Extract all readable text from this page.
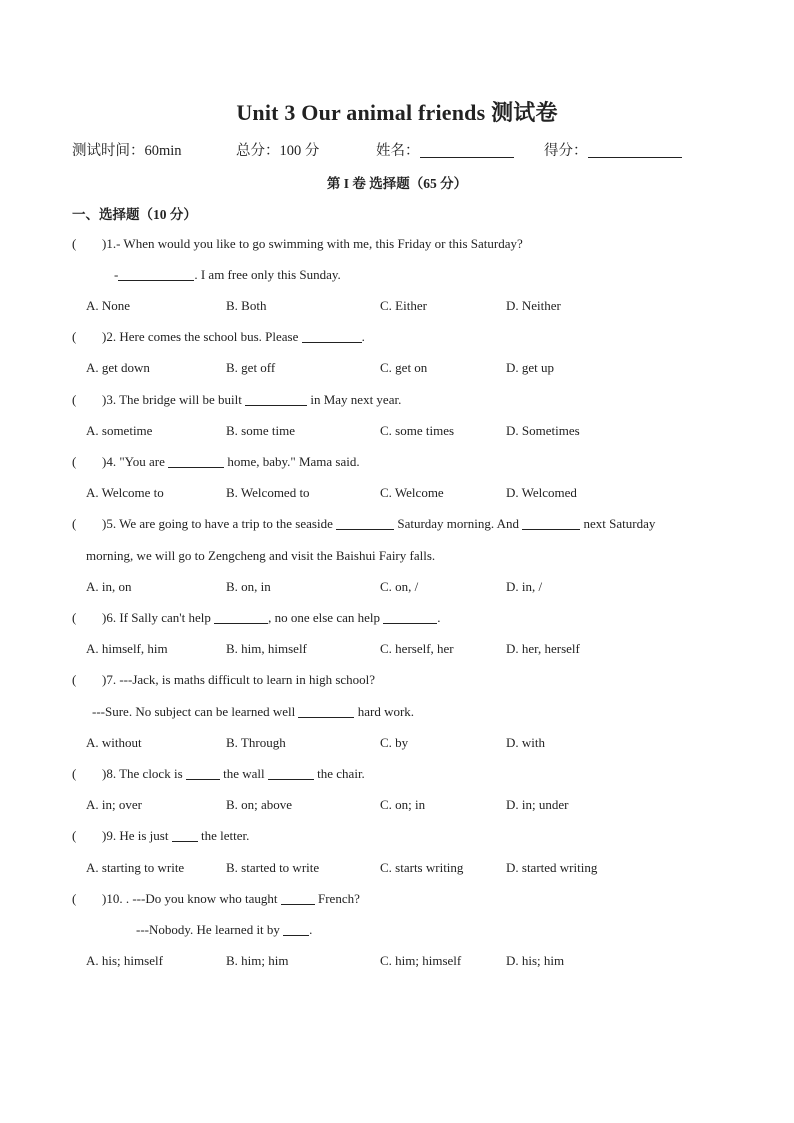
Unit 3 Our animal friends 测试卷
测试时间：60min	总分：100 分	姓名：	得分：
第 I 卷 选择题（65 分）
一、选择题（10 分）
( )1.- When would you like to go swimming with me, this Friday or this Saturday?
-	. I am free only this Sunday.
A. None	B. Both	C. Either	D. Neither
( )2. Here comes the school bus. Please	.
A. get down	B. get off	C. get on	D. get up
( )3. The bridge will be built	in May next year.
A. sometime	B. some time	C. some times	D. Sometimes
( )4. "You are	home, baby." Mama said.
A. Welcome to	B. Welcomed to	C. Welcome	D. Welcomed
( )5. We are going to have a trip to the seaside	Saturday morning. And	next Saturday
morning, we will go to Zengcheng and visit the Baishui Fairy falls.
A. in, on	B. on, in	C. on, /	D. in, /
( )6. If Sally can't help	, no one else can help	.
A. himself, him	B. him, himself	C. herself, her	D. her, herself
( )7. ---Jack, is maths difficult to learn in high school?
---Sure. No subject can be learned well	hard work.
A. without	B. Through	C. by	D. with
( )8. The clock is	the wall	the chair.
A. in; over	B. on; above	C. on; in	D. in; under
( )9. He is just	the letter.
A. starting to write	B. started to write	C. starts writing	D. started writing
( )10. . ---Do you know who taught	French?
---Nobody. He learned it by .
A. his; himself	B. him; him	C. him; himself	D. his; him
